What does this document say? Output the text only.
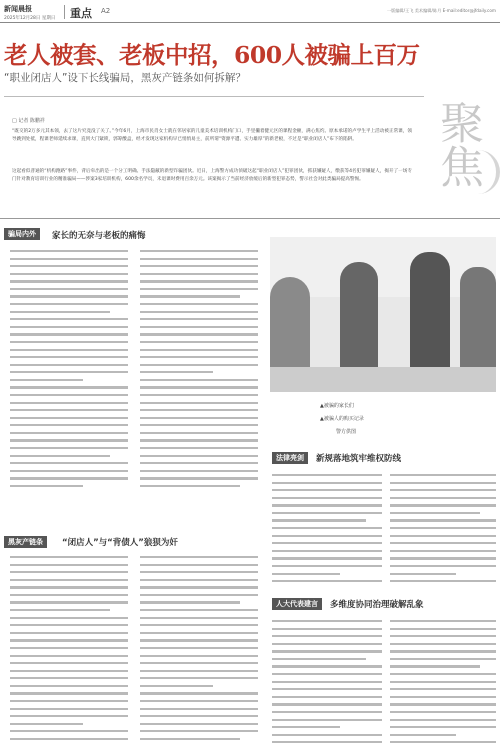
新闻晨报
2025年12月28日 星期日 重点 A2	一版编辑/王飞 美术编辑/陈月 E-mail:editor@jfdaily.com
老人被套、老板中招，600人被骗上百万
“职业闭店人”设下长线骗局，黑灰产链条如何拆解？
□ 记者 陈鹏祥
“既交的2万多元其本领，去了这片究竟没了关了。”今年6月，上海市民肖女士就在邻居家的儿童美术培训机构门口，手里攥着健元区的课程金额，满心焦灼。原本承诺的卢学生平上活动被正常课，领导跳到处抵，程课老师延续求课，直到大门紧锁，郭筹酸盒，经才发现这家机构早已悄悄易主，前所谓“资源平遭、实力雄厚”的新老板，不过是“职业闭店人”布下的陷阱。
这起看似普通的“机构跑路”事件，背后牵出的是一个分工明确、手法隐蔽的新型诈骗团伙。近日，上海警方成功侦破这起“职业闭店人”犯罪团伙，抓获嫌疑人，缴获等4名犯罪嫌疑人，揭开了一场专门针对教育培训行业的精准骗局——涉案3家培训机构，600余名学员，未退课时费用百余万元。该案揭示了当前经济放缓后的新型犯罪态势，警示社会对此类骗局提高警惕。	聚焦
骗局内外	家长的无奈与老板的痛悔
▲被骗的家长们
▲被骗人的购买记录
警方供图
黑灰产链条	“闭店人”与“背债人”狼狈为奸
法律亮剑	新规落地筑牢维权防线
人大代表建言	多维度协同治理破解乱象
